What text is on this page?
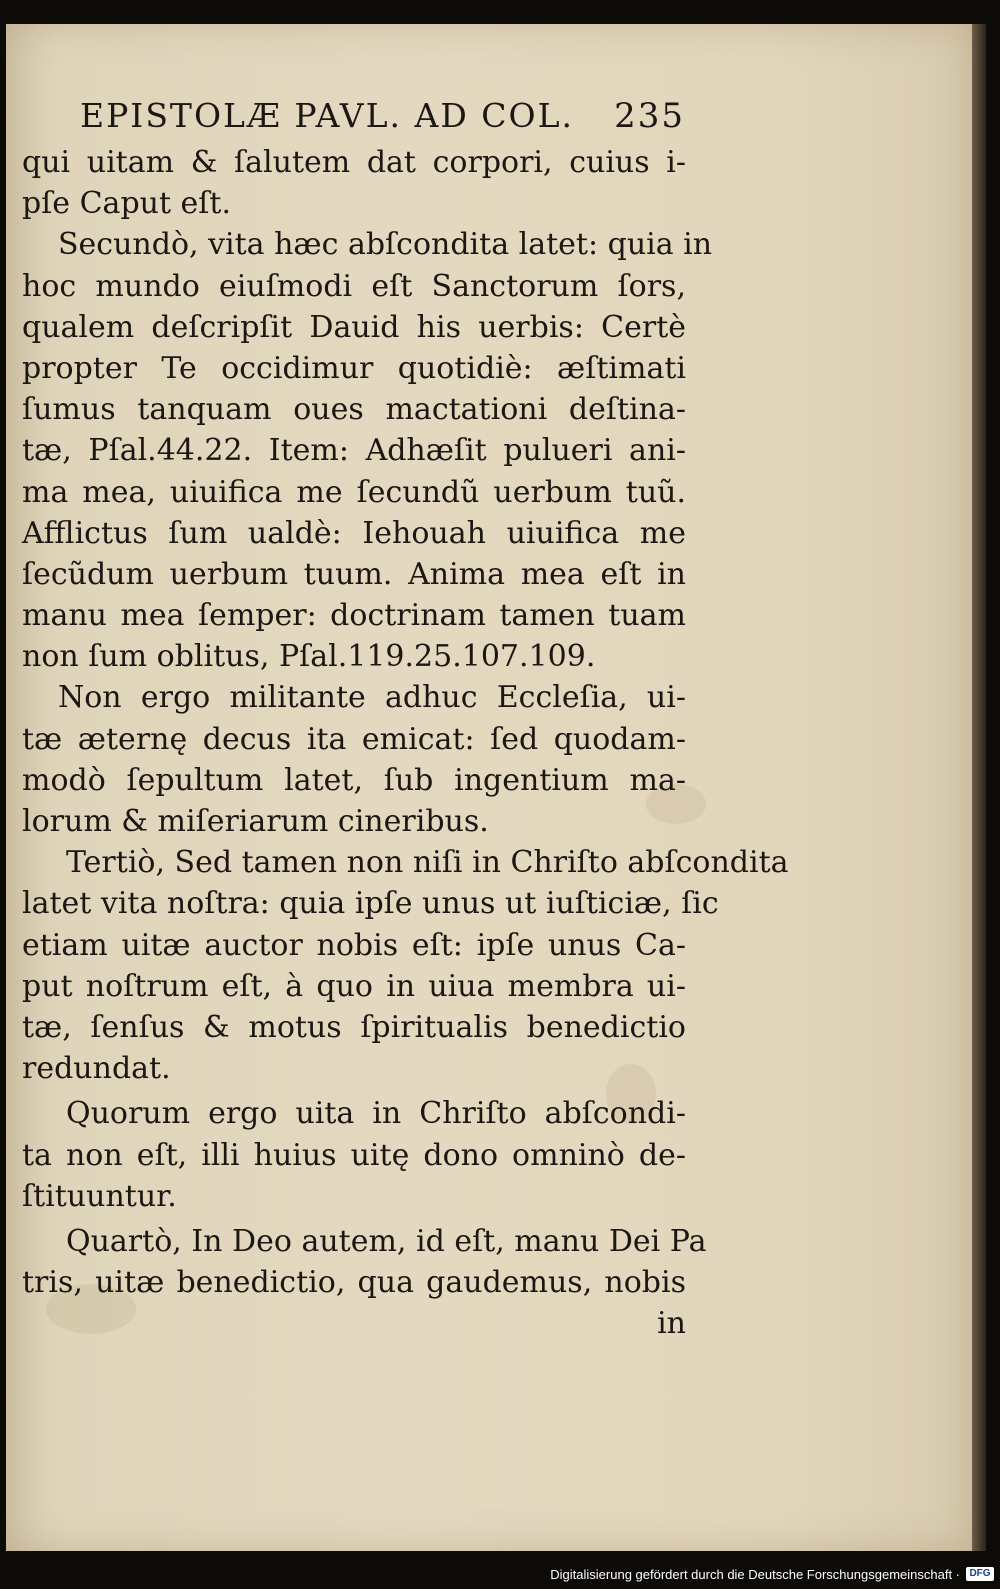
EPISTOLÆ PAVL. AD COL. 235
qui uitam & ſalutem dat corpori, cuius i-
pſe Caput eſt.
Secundò, vita hæc abſcondita latet: quia in
hoc mundo eiuſmodi eſt Sanctorum ſors,
qualem deſcripſit Dauid his uerbis: Certè
propter Te occidimur quotidiè: æſtimati
ſumus tanquam oues mactationi deſtina-
tæ, Pſal.44.22. Item: Adhæſit pulueri ani-
ma mea, uiuifica me ſecundũ uerbum tuũ.
Afflictus ſum ualdè: Iehouah uiuifica me
ſecũdum uerbum tuum. Anima mea eſt in
manu mea ſemper: doctrinam tamen tuam
non ſum oblitus, Pſal.119.25.107.109.
Non ergo militante adhuc Eccleſia, ui-
tæ æternę decus ita emicat: ſed quodam-
modò ſepultum latet, ſub ingentium ma-
lorum & miſeriarum cineribus.
Tertiò, Sed tamen non niſi in Chriſto abſcondita
latet vita noſtra: quia ipſe unus ut iuſticiæ, ſic
etiam uitæ auctor nobis eſt: ipſe unus Ca-
put noſtrum eſt, à quo in uiua membra ui-
tæ, ſenſus & motus ſpiritualis benedictio
redundat.
Quorum ergo uita in Chriſto abſcondi-
ta non eſt, illi huius uitę dono omninò de-
ſtituuntur.
Quartò, In Deo autem, id eſt, manu Dei Pa
tris, uitæ benedictio, qua gaudemus, nobis
in
Digitalisierung gefördert durch die Deutsche Forschungsgemeinschaft · DFG
